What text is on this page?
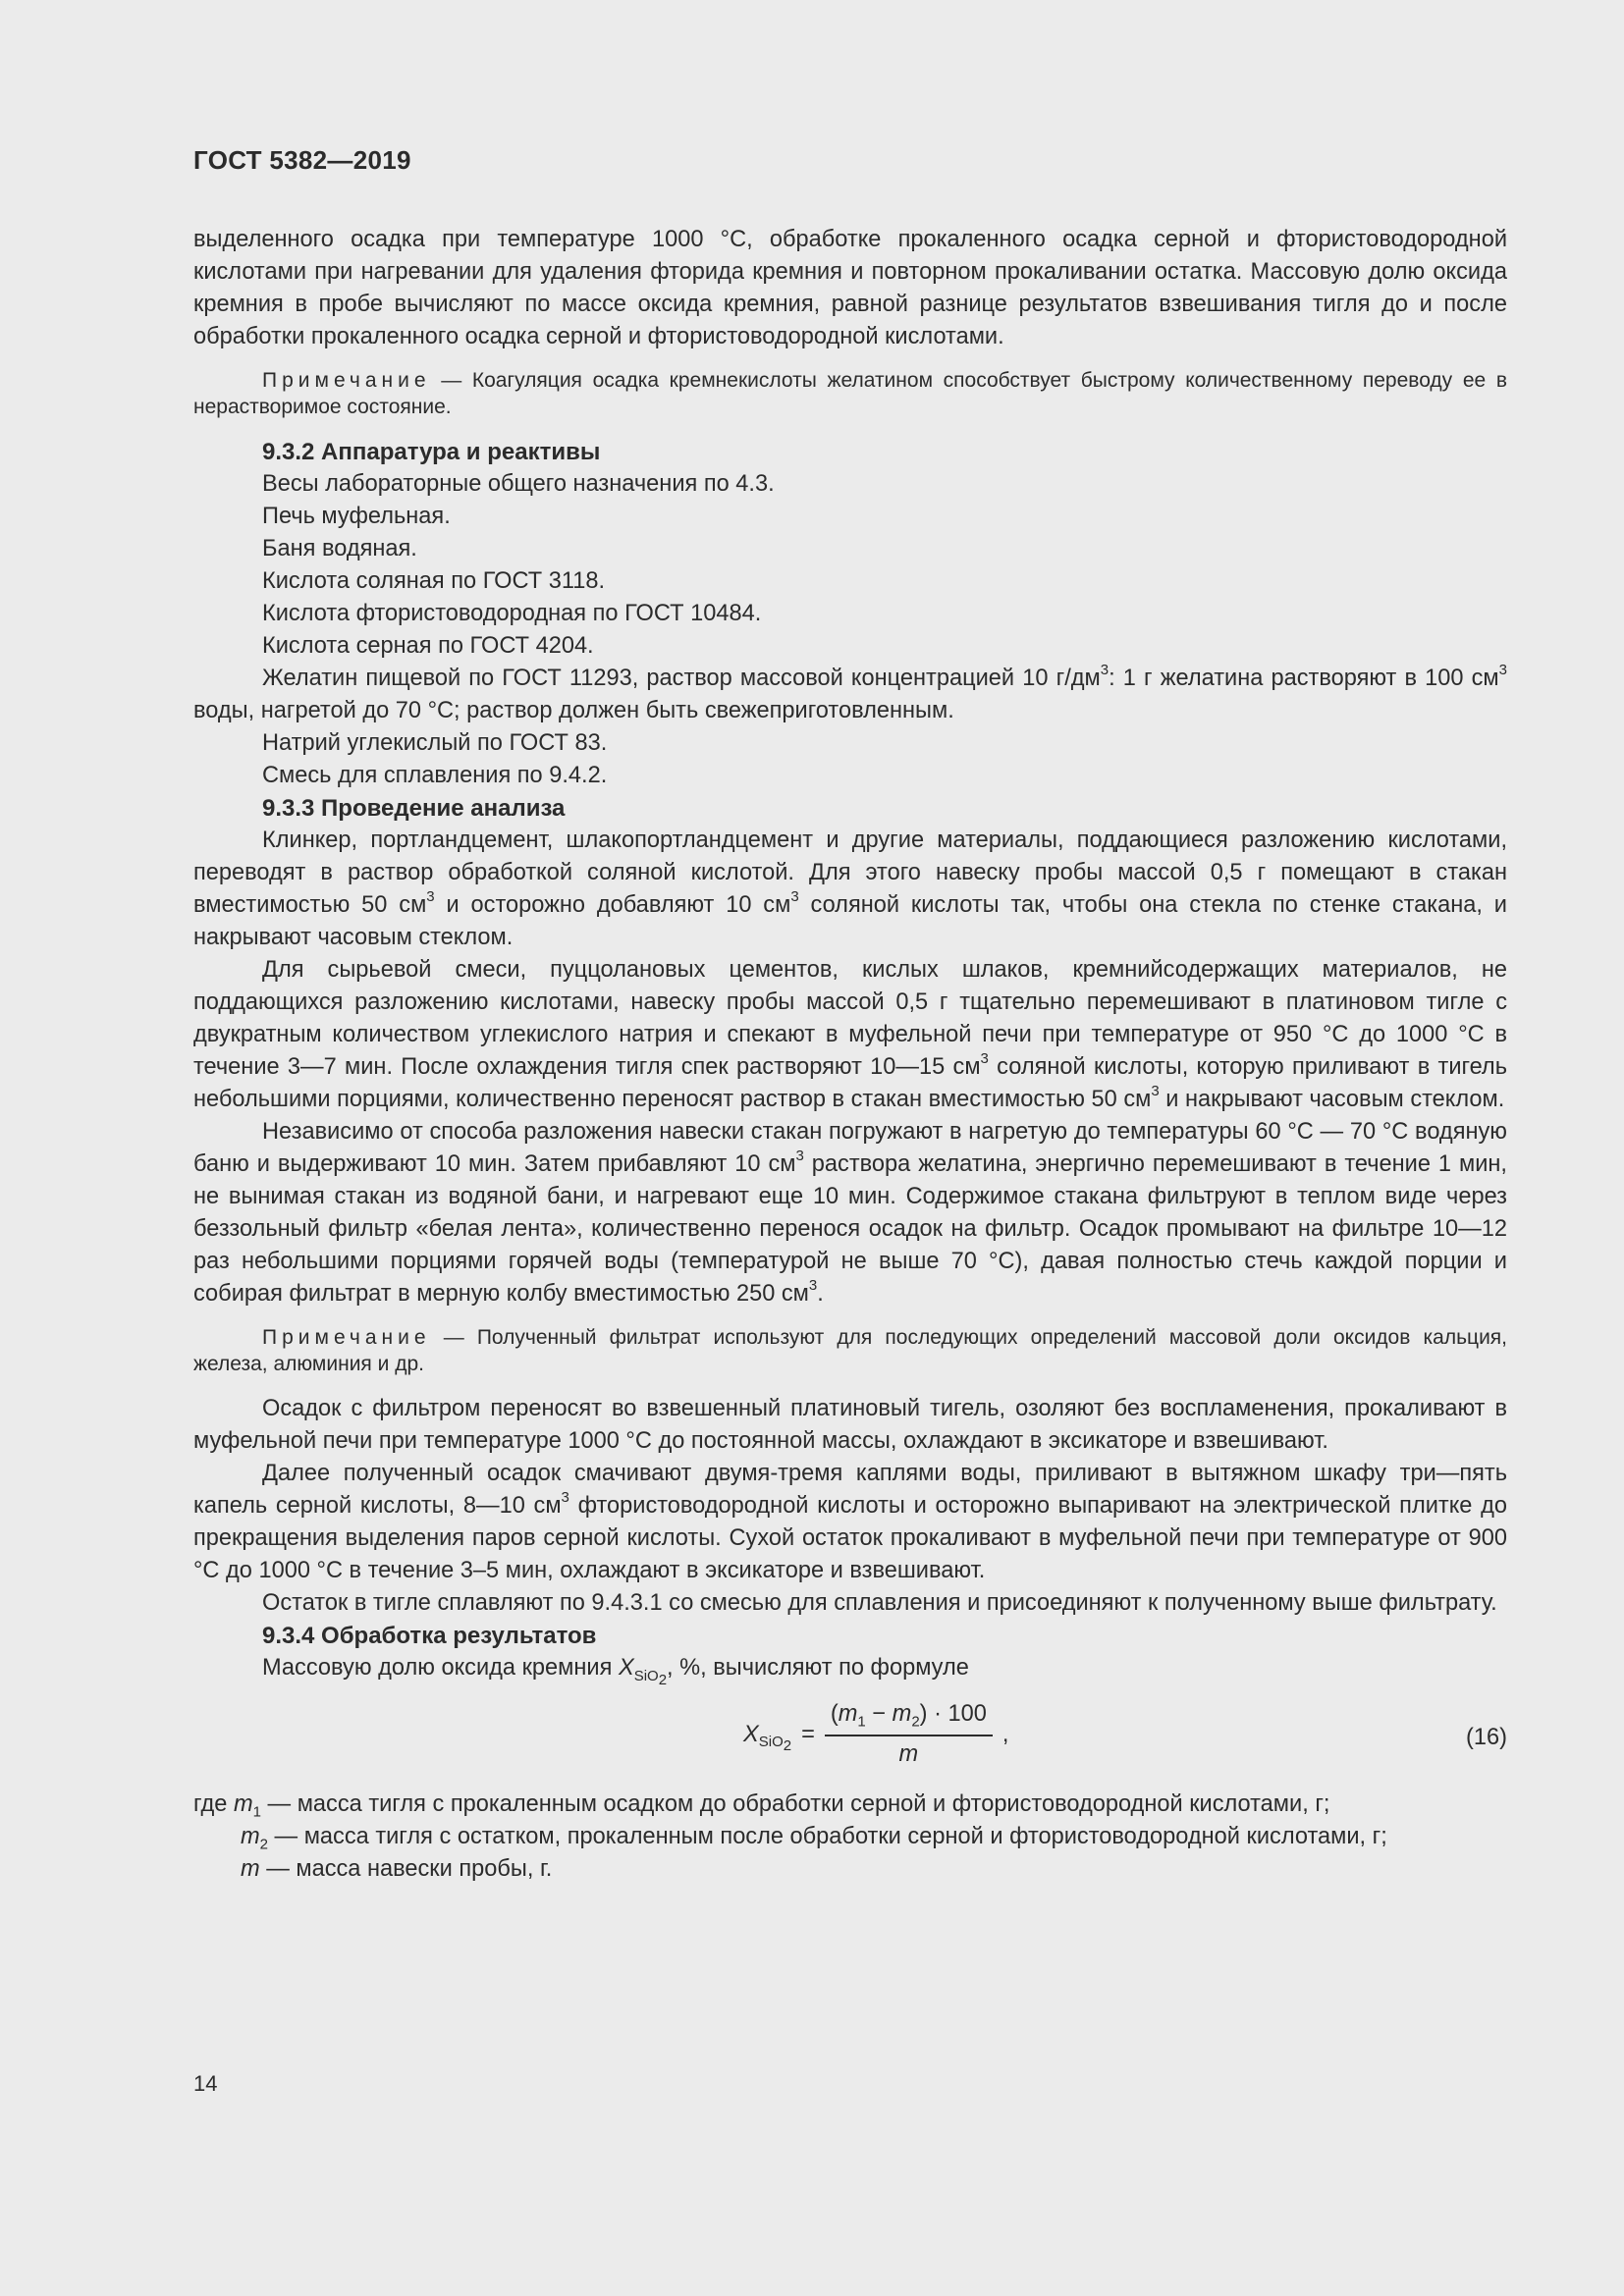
ГОСТ 5382—2019

выделенного осадка при температуре 1000 °С, обработке прокаленного осадка серной и фтористоводородной кислотами при нагревании для удаления фторида кремния и повторном прокаливании остатка. Массовую долю оксида кремния в пробе вычисляют по массе оксида кремния, равной разнице результатов взвешивания тигля до и после обработки прокаленного осадка серной и фтористоводородной кислотами.

Примечание — Коагуляция осадка кремнекислоты желатином способствует быстрому количественному переводу ее в нерастворимое состояние.
9.3.2 Аппаратура и реактивы

Весы лабораторные общего назначения по 4.3.

Печь муфельная.

Баня водяная.

Кислота соляная по ГОСТ 3118.

Кислота фтористоводородная по ГОСТ 10484.

Кислота серная по ГОСТ 4204.

Желатин пищевой по ГОСТ 11293, раствор массовой концентрацией 10 $г/дм^3$: 1 г желатина растворяют в 100 $см^3$ воды, нагретой до 70 °С; раствор должен быть свежеприготовленным.

Натрий углекислый по ГОСТ 83.

Смесь для сплавления по 9.4.2.

9.3.3 Проведение анализа

Клинкер, портландцемент, шлакопортландцемент и другие материалы, поддающиеся разложению кислотами, переводят в раствор обработкой соляной кислотой. Для этого навеску пробы массой 0,5 г помещают в стакан вместимостью 50 $см^3$ и осторожно добавляют 10 $см^3$ соляной кислоты так, чтобы она стекла по стенке стакана, и накрывают часовым стеклом.

Для сырьевой смеси, пуццолановых цементов, кислых шлаков, кремнийсодержащих материалов, не поддающихся разложению кислотами, навеску пробы массой 0,5 г тщательно перемешивают в платиновом тигле с двукратным количеством углекислого натрия и спекают в муфельной печи при температуре от 950 °С до 1000 °С в течение 3—7 мин. После охлаждения тигля спек растворяют 10—15 $см^3$ соляной кислоты, которую приливают в тигель небольшими порциями, количественно переносят раствор в стакан вместимостью 50 $см^3$ и накрывают часовым стеклом.

Независимо от способа разложения навески стакан погружают в нагретую до температуры 60 °С — 70 °С водяную баню и выдерживают 10 мин. Затем прибавляют 10 $см^3$ раствора желатина, энергично перемешивают в течение 1 мин, не вынимая стакан из водяной бани, и нагревают еще 10 мин. Содержимое стакана фильтруют в теплом виде через беззольный фильтр «белая лента», количественно перенося осадок на фильтр. Осадок промывают на фильтре 10—12 раз небольшими порциями горячей воды (температурой не выше 70 °С), давая полностью стечь каждой порции и собирая фильтрат в мерную колбу вместимостью 250 $см^3$.

Примечание — Полученный фильтрат используют для последующих определений массовой доли оксидов кальция, железа, алюминия и др.

Осадок с фильтром переносят во взвешенный платиновый тигель, озоляют без воспламенения, прокаливают в муфельной печи при температуре 1000 °С до постоянной массы, охлаждают в эксикаторе и взвешивают.

Далее полученный осадок смачивают двумя-тремя каплями воды, приливают в вытяжном шкафу три—пять капель серной кислоты, 8—10 $см^3$ фтористоводородной кислоты и осторожно выпаривают на электрической плитке до прекращения выделения паров серной кислоты. Сухой остаток прокаливают в муфельной печи при температуре от 900 °С до 1000 °С в течение 3–5 мин, охлаждают в эксикаторе и взвешивают.

Остаток в тигле сплавляют по 9.4.3.1 со смесью для сплавления и присоединяют к полученному выше фильтрату.

9.3.4 Обработка результатов

Массовую долю оксида кремния $X_{SiO_2}$, %, вычисляют по формуле

$X_{SiO_2} = \frac{(m_1 - m_2) \cdot 100}{m}$ ,	(16)

где $m_1$ — масса тигля с прокаленным осадком до обработки серной и фтористоводородной кислотами, г;

$m_2$ — масса тигля с остатком, прокаленным после обработки серной и фтористоводородной кислотами, г;

m — масса навески пробы, г.

14
